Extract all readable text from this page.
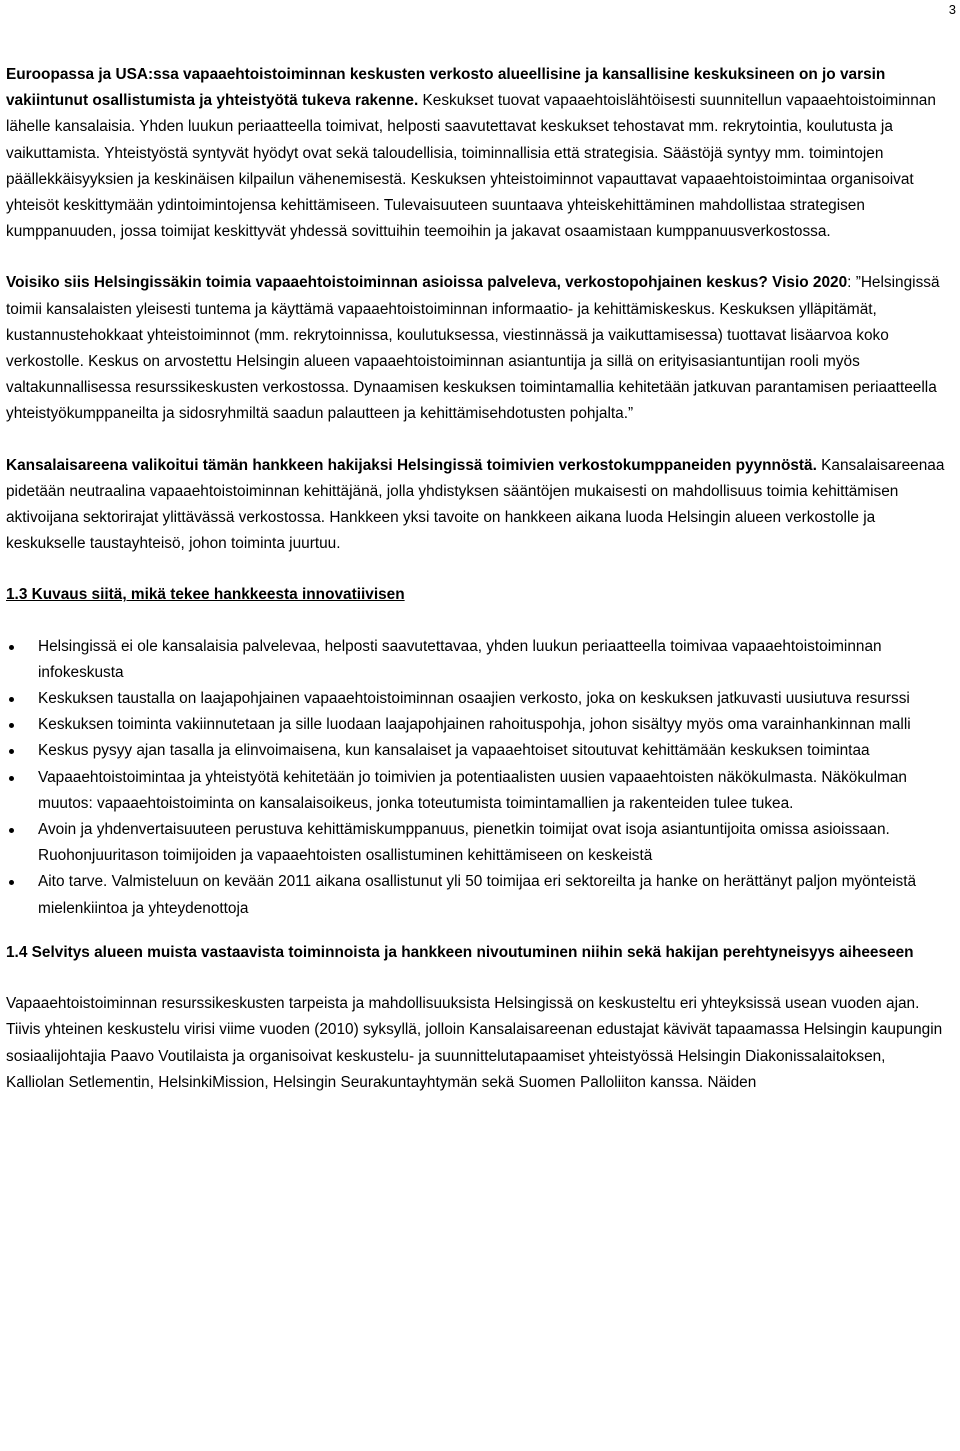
3

Euroopassa ja USA:ssa vapaaehtoistoiminnan keskusten verkosto alueellisine ja kansallisine keskuksineen on jo varsin vakiintunut osallistumista ja yhteistyötä tukeva rakenne. Keskukset tuovat vapaaehtoislähtöisesti suunnitellun vapaaehtoistoiminnan lähelle kansalaisia. Yhden luukun periaatteella toimivat, helposti saavutettavat keskukset tehostavat mm. rekrytointia, koulutusta ja vaikuttamista. Yhteistyöstä syntyvät hyödyt ovat sekä taloudellisia, toiminnallisia että strategisia. Säästöjä syntyy mm. toimintojen päällekkäisyyksien ja keskinäisen kilpailun vähenemisestä. Keskuksen yhteistoiminnot vapauttavat vapaaehtoistoimintaa organisoivat yhteisöt keskittymään ydintoimintojensa kehittämiseen. Tulevaisuuteen suuntaava yhteiskehittäminen mahdollistaa strategisen kumppanuuden, jossa toimijat keskittyvät yhdessä sovittuihin teemoihin ja jakavat osaamistaan kumppanuusverkostossa.

Voisiko siis Helsingissäkin toimia vapaaehtoistoiminnan asioissa palveleva, verkostopohjainen keskus? Visio 2020: ”Helsingissä toimii kansalaisten yleisesti tuntema ja käyttämä vapaaehtoistoiminnan informaatio- ja kehittämiskeskus. Keskuksen ylläpitämät, kustannustehokkaat yhteistoiminnot (mm. rekrytoinnissa, koulutuksessa, viestinnässä ja vaikuttamisessa) tuottavat lisäarvoa koko verkostolle. Keskus on arvostettu Helsingin alueen vapaaehtoistoiminnan asiantuntija ja sillä on erityisasiantuntijan rooli myös valtakunnallisessa resurssikeskusten verkostossa. Dynaamisen keskuksen toimintamallia kehitetään jatkuvan parantamisen periaatteella yhteistyökumppaneilta ja sidosryhmiltä saadun palautteen ja kehittämisehdotusten pohjalta.”

Kansalaisareena valikoitui tämän hankkeen hakijaksi Helsingissä toimivien verkostokumppaneiden pyynnöstä. Kansalaisareenaa pidetään neutraalina vapaaehtoistoiminnan kehittäjänä, jolla yhdistyksen sääntöjen mukaisesti on mahdollisuus toimia kehittämisen aktivoijana sektorirajat ylittävässä verkostossa. Hankkeen yksi tavoite on hankkeen aikana luoda Helsingin alueen verkostolle ja keskukselle taustayhteisö, johon toiminta juurtuu.

1.3 Kuvaus siitä, mikä tekee hankkeesta innovatiivisen

Helsingissä ei ole kansalaisia palvelevaa, helposti saavutettavaa, yhden luukun periaatteella toimivaa vapaaehtoistoiminnan infokeskusta
Keskuksen taustalla on laajapohjainen vapaaehtoistoiminnan osaajien verkosto, joka on keskuksen jatkuvasti uusiutuva resurssi
Keskuksen toiminta vakiinnutetaan ja sille luodaan laajapohjainen rahoituspohja, johon sisältyy myös oma varainhankinnan malli
Keskus pysyy ajan tasalla ja elinvoimaisena, kun kansalaiset ja vapaaehtoiset sitoutuvat kehittämään keskuksen toimintaa
Vapaaehtoistoimintaa ja yhteistyötä kehitetään jo toimivien ja potentiaalisten uusien vapaaehtoisten näkökulmasta. Näkökulman muutos: vapaaehtoistoiminta on kansalaisoikeus, jonka toteutumista toimintamallien ja rakenteiden tulee tukea.
Avoin ja yhdenvertaisuuteen perustuva kehittämiskumppanuus, pienetkin toimijat ovat isoja asiantuntijoita omissa asioissaan. Ruohonjuuritason toimijoiden ja vapaaehtoisten osallistuminen kehittämiseen on keskeistä
Aito tarve. Valmisteluun on kevään 2011 aikana osallistunut yli 50 toimijaa eri sektoreilta ja hanke on herättänyt paljon myönteistä mielenkiintoa ja yhteydenottoja

1.4 Selvitys alueen muista vastaavista toiminnoista ja hankkeen nivoutuminen niihin sekä hakijan perehtyneisyys aiheeseen

Vapaaehtoistoiminnan resurssikeskusten tarpeista ja mahdollisuuksista Helsingissä on keskusteltu eri yhteyksissä usean vuoden ajan. Tiivis yhteinen keskustelu virisi viime vuoden (2010) syksyllä, jolloin Kansalaisareenan edustajat kävivät tapaamassa Helsingin kaupungin sosiaalijohtajia Paavo Voutilaista ja organisoivat keskustelu- ja suunnittelutapaamiset yhteistyössä Helsingin Diakonissalaitoksen, Kalliolan Setlementin, HelsinkiMission, Helsingin Seurakuntayhtymän sekä Suomen Palloliiton kanssa. Näiden
